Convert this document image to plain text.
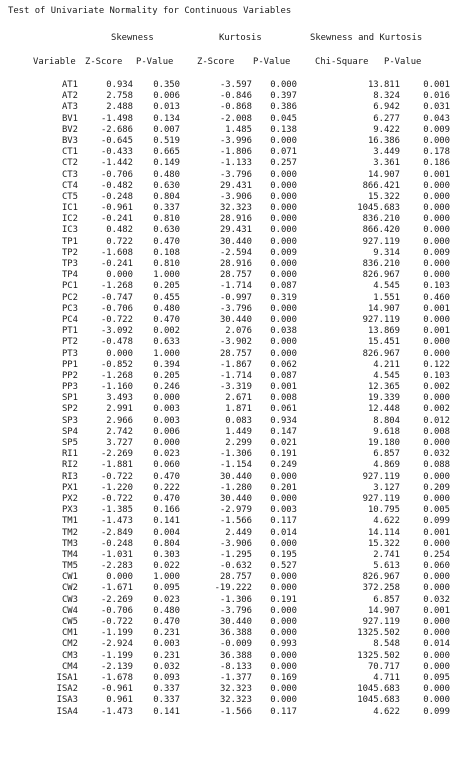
Test of Univariate Normality for Continuous Variables
Skewness	Kurtosis	Skewness and Kurtosis
Variable Z-Score P-Value	Z-Score P-Value	Chi-Square P-Value
AT1	0.934	0.350	-3.597	0.000	13.811	0.001
AT2	2.758	0.006	-0.846	0.397	8.324	0.016
AT3	2.488	0.013	-0.868	0.386	6.942	0.031
BV1	-1.498	0.134	-2.008	0.045	6.277	0.043
BV2	-2.686	0.007	1.485	0.138	9.422	0.009
BV3	-0.645	0.519	-3.996	0.000	16.386	0.000
CT1	-0.433	0.665	-1.806	0.071	3.449	0.178
CT2	-1.442	0.149	-1.133	0.257	3.361	0.186
CT3	-0.706	0.480	-3.796	0.000	14.907	0.001
CT4	-0.482	0.630	29.431	0.000	866.421	0.000
CT5	-0.248	0.804	-3.906	0.000	15.322	0.000
IC1	-0.961	0.337	32.323	0.000	1045.683	0.000
IC2	-0.241	0.810	28.916	0.000	836.210	0.000
IC3	0.482	0.630	29.431	0.000	866.420	0.000
TP1	0.722	0.470	30.440	0.000	927.119	0.000
TP2	-1.608	0.108	-2.594	0.009	9.314	0.009
TP3	-0.241	0.810	28.916	0.000	836.210	0.000
TP4	0.000	1.000	28.757	0.000	826.967	0.000
PC1	-1.268	0.205	-1.714	0.087	4.545	0.103
PC2	-0.747	0.455	-0.997	0.319	1.551	0.460
PC3	-0.706	0.480	-3.796	0.000	14.907	0.001
PC4	-0.722	0.470	30.440	0.000	927.119	0.000
PT1	-3.092	0.002	2.076	0.038	13.869	0.001
PT2	-0.478	0.633	-3.902	0.000	15.451	0.000
PT3	0.000	1.000	28.757	0.000	826.967	0.000
PP1	-0.852	0.394	-1.867	0.062	4.211	0.122
PP2	-1.268	0.205	-1.714	0.087	4.545	0.103
PP3	-1.160	0.246	-3.319	0.001	12.365	0.002
SP1	3.493	0.000	2.671	0.008	19.339	0.000
SP2	2.991	0.003	1.871	0.061	12.448	0.002
SP3	2.966	0.003	0.083	0.934	8.804	0.012
SP4	2.742	0.006	1.449	0.147	9.618	0.008
SP5	3.727	0.000	2.299	0.021	19.180	0.000
RI1	-2.269	0.023	-1.306	0.191	6.857	0.032
RI2	-1.881	0.060	-1.154	0.249	4.869	0.088
RI3	-0.722	0.470	30.440	0.000	927.119	0.000
PX1	-1.220	0.222	-1.280	0.201	3.127	0.209
PX2	-0.722	0.470	30.440	0.000	927.119	0.000
PX3	-1.385	0.166	-2.979	0.003	10.795	0.005
TM1	-1.473	0.141	-1.566	0.117	4.622	0.099
TM2	-2.849	0.004	2.449	0.014	14.114	0.001
TM3	-0.248	0.804	-3.906	0.000	15.322	0.000
TM4	-1.031	0.303	-1.295	0.195	2.741	0.254
TM5	-2.283	0.022	-0.632	0.527	5.613	0.060
CW1	0.000	1.000	28.757	0.000	826.967	0.000
CW2	-1.671	0.095	-19.222	0.000	372.258	0.000
CW3	-2.269	0.023	-1.306	0.191	6.857	0.032
CW4	-0.706	0.480	-3.796	0.000	14.907	0.001
CW5	-0.722	0.470	30.440	0.000	927.119	0.000
CM1	-1.199	0.231	36.388	0.000	1325.502	0.000
CM2	-2.924	0.003	-0.009	0.993	8.548	0.014
CM3	-1.199	0.231	36.388	0.000	1325.502	0.000
CM4	-2.139	0.032	-8.133	0.000	70.717	0.000
ISA1	-1.678	0.093	-1.377	0.169	4.711	0.095
ISA2	-0.961	0.337	32.323	0.000	1045.683	0.000
ISA3	0.961	0.337	32.323	0.000	1045.683	0.000
ISA4	-1.473	0.141	-1.566	0.117	4.622	0.099
